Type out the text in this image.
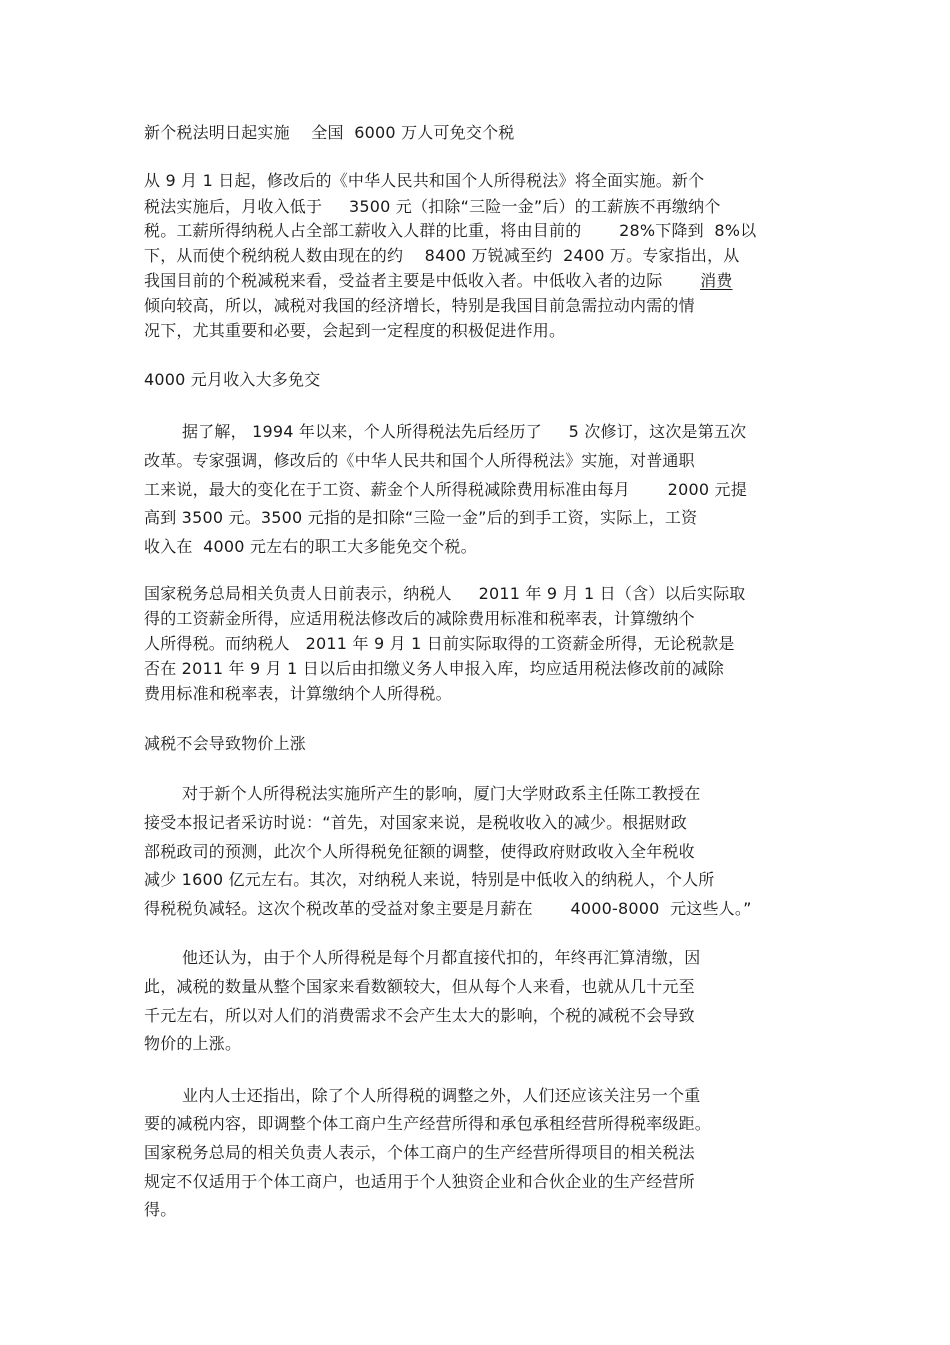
新个税法明日起实施　 全国  6000 万人可免交个税
从 9 月 1 日起，修改后的《中华人民共和国个人所得税法》将全面实施。新个
税法实施后，月收入低于　  3500 元（扣除“三险一金”后）的工薪族不再缴纳个
税。工薪所得纳税人占全部工薪收入人群的比重，将由目前的　　 28%下降到  8%以
下，从而使个税纳税人数由现在的约　 8400 万锐减至约  2400 万。专家指出，从
我国目前的个税减税来看，受益者主要是中低收入者。中低收入者的边际　　 消费
倾向较高，所以，减税对我国的经济增长，特别是我国目前急需拉动内需的情
况下，尤其重要和必要，会起到一定程度的积极促进作用。
4000 元月收入大多免交
据了解， 1994 年以来，个人所得税法先后经历了　  5 次修订，这次是第五次
改革。专家强调，修改后的《中华人民共和国个人所得税法》实施，对普通职
工来说，最大的变化在于工资、薪金个人所得税减除费用标准由每月　　 2000 元提
高到 3500 元。3500 元指的是扣除“三险一金”后的到手工资，实际上，工资
收入在  4000 元左右的职工大多能免交个税。
国家税务总局相关负责人日前表示，纳税人　  2011 年 9 月 1 日（含）以后实际取
得的工资薪金所得，应适用税法修改后的减除费用标准和税率表，计算缴纳个
人所得税。而纳税人   2011 年 9 月 1 日前实际取得的工资薪金所得，无论税款是
否在 2011 年 9 月 1 日以后由扣缴义务人申报入库，均应适用税法修改前的减除
费用标准和税率表，计算缴纳个人所得税。
减税不会导致物价上涨
对于新个人所得税法实施所产生的影响，厦门大学财政系主任陈工教授在
接受本报记者采访时说：“首先，对国家来说，是税收收入的减少。根据财政
部税政司的预测，此次个人所得税免征额的调整，使得政府财政收入全年税收
减少 1600 亿元左右。其次，对纳税人来说，特别是中低收入的纳税人，个人所
得税税负减轻。这次个税改革的受益对象主要是月薪在　　 4000-8000  元这些人。”
他还认为，由于个人所得税是每个月都直接代扣的，年终再汇算清缴，因
此，减税的数量从整个国家来看数额较大，但从每个人来看，也就从几十元至
千元左右，所以对人们的消费需求不会产生太大的影响，个税的减税不会导致
物价的上涨。
业内人士还指出，除了个人所得税的调整之外，人们还应该关注另一个重
要的减税内容，即调整个体工商户生产经营所得和承包承租经营所得税率级距。
国家税务总局的相关负责人表示，个体工商户的生产经营所得项目的相关税法
规定不仅适用于个体工商户，也适用于个人独资企业和合伙企业的生产经营所
得。
